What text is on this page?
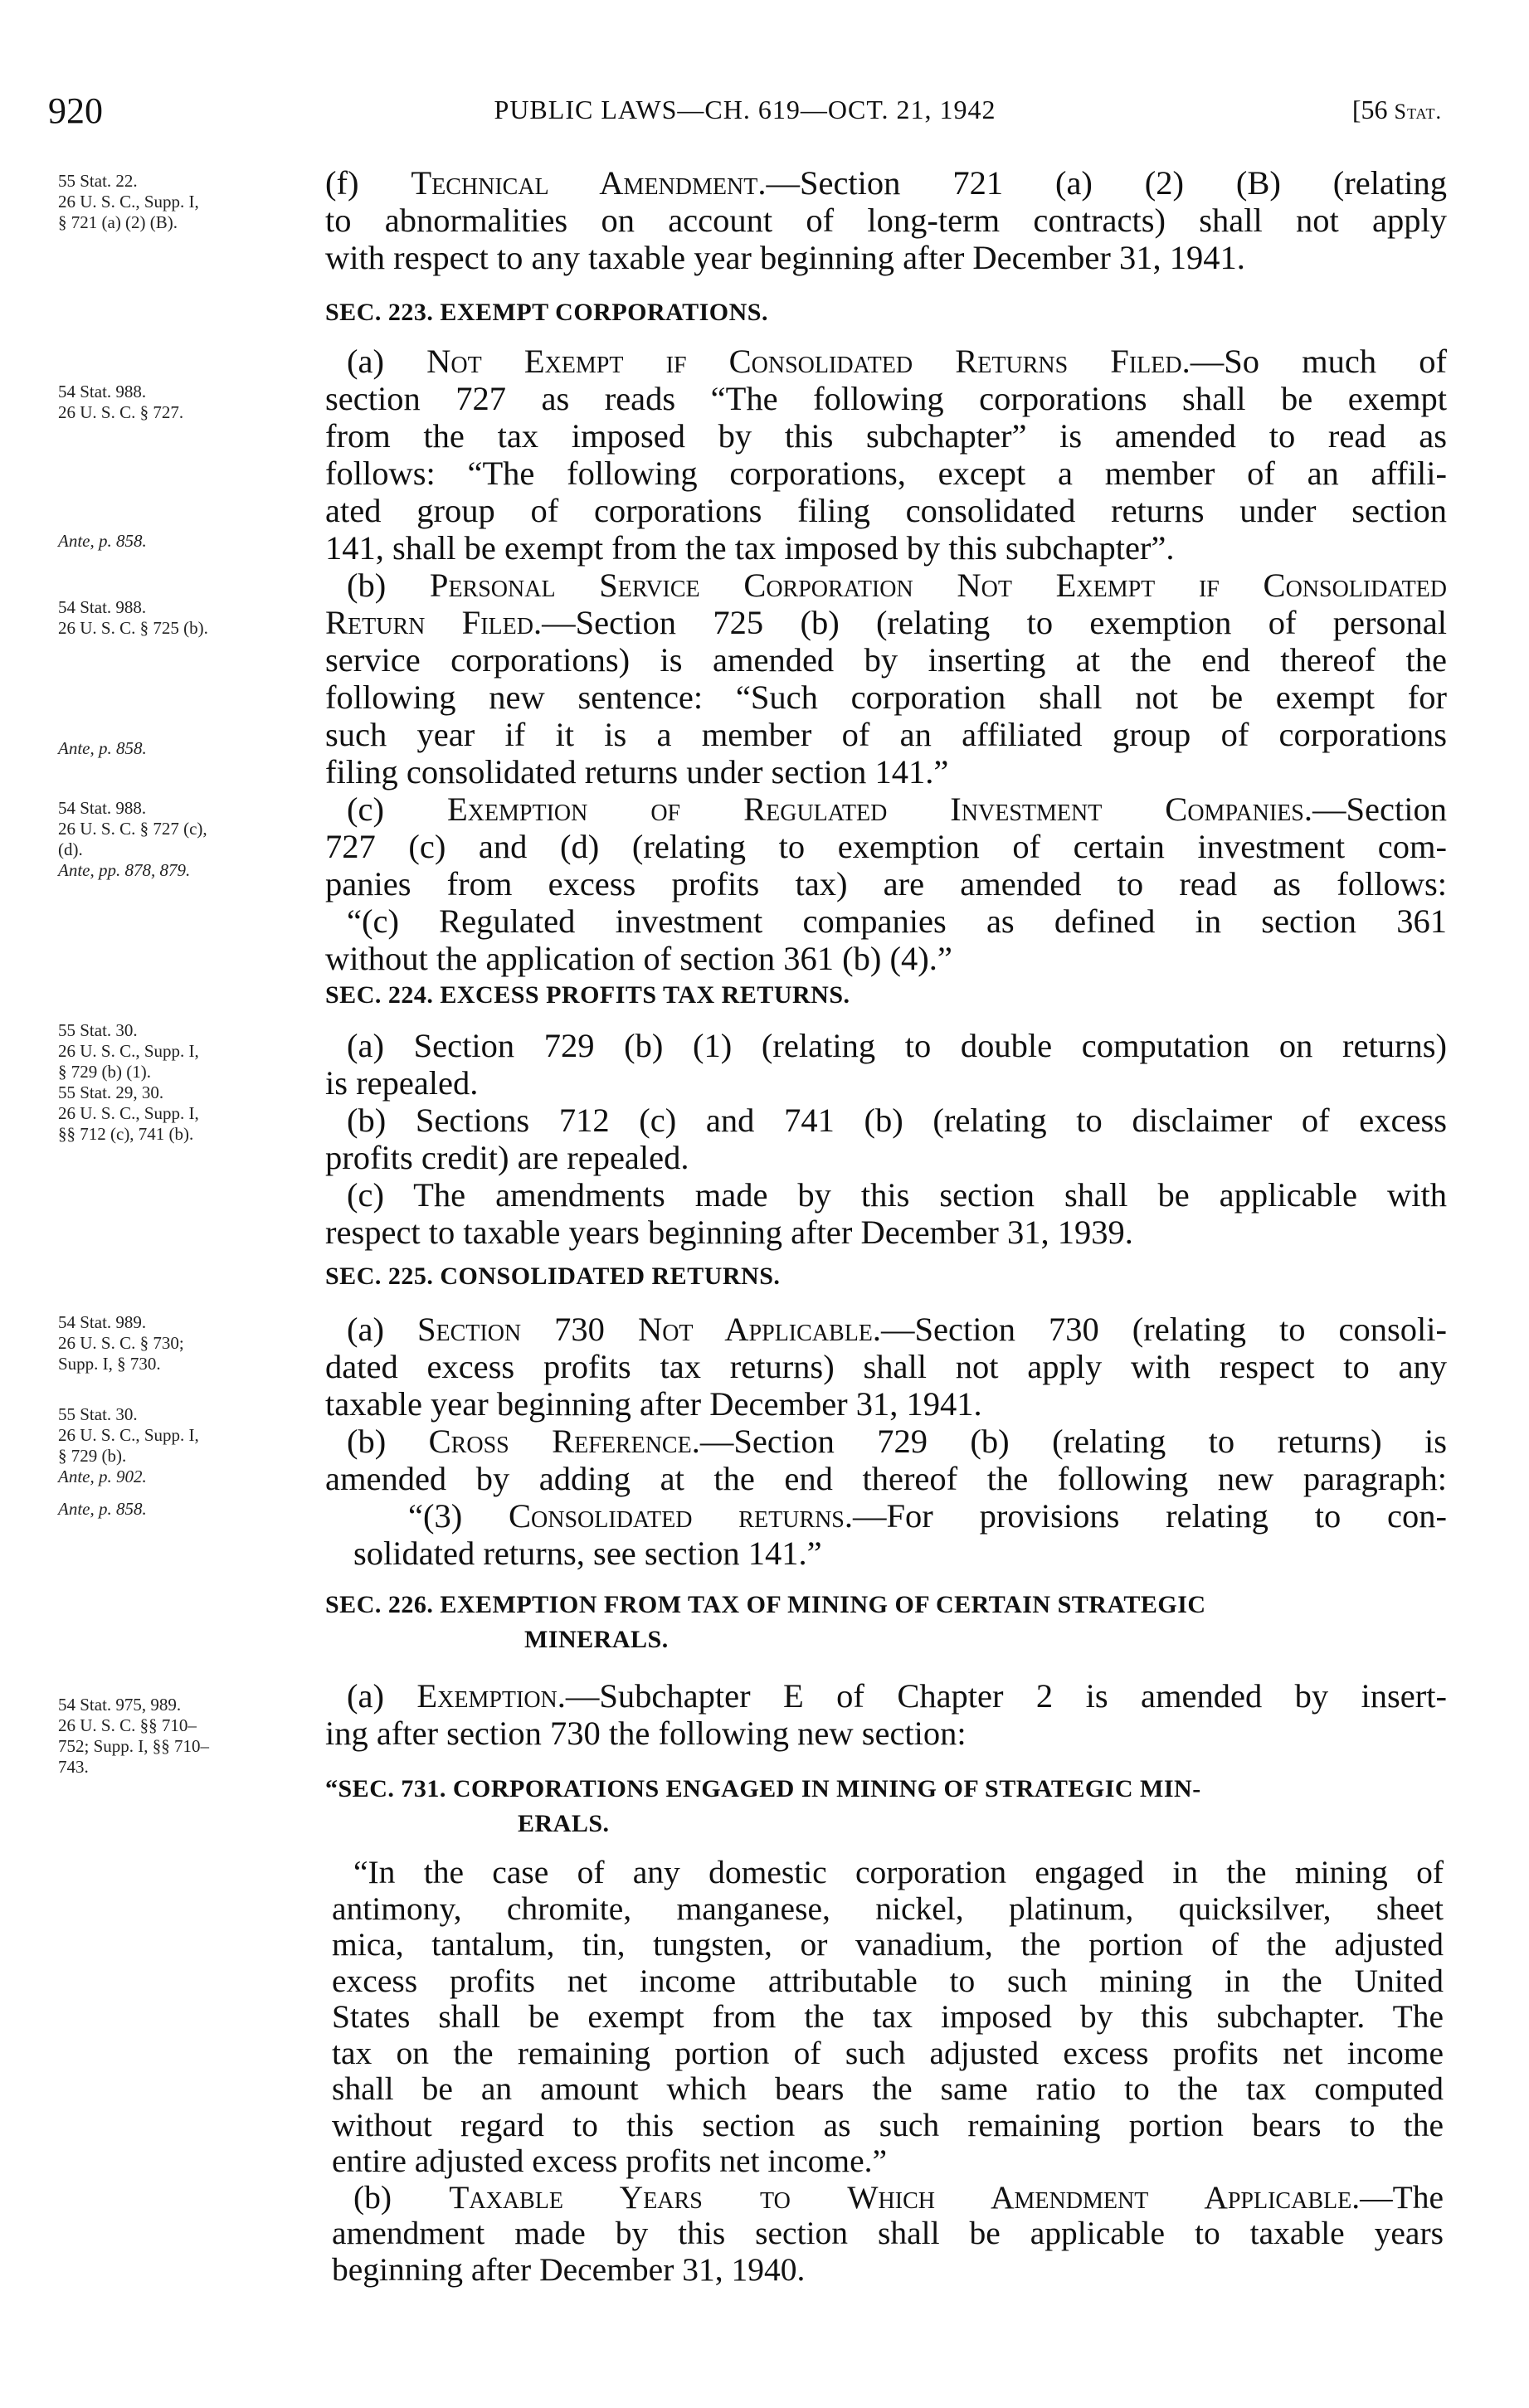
920	PUBLIC LAWS—CH. 619—OCT. 21, 1942	[56 Stat.
55 Stat. 22.
26 U. S. C., Supp. I,
§ 721 (a) (2) (B).
54 Stat. 988.
26 U. S. C. § 727.
Ante, p. 858.
54 Stat. 988.
26 U. S. C. § 725 (b).
Ante, p. 858.
54 Stat. 988.
26 U. S. C. § 727 (c),
(d).
Ante, pp. 878, 879.
55 Stat. 30.
26 U. S. C., Supp. I,
§ 729 (b) (1).
55 Stat. 29, 30.
26 U. S. C., Supp. I,
§§ 712 (c), 741 (b).
54 Stat. 989.
26 U. S. C. § 730;
Supp. I, § 730.
55 Stat. 30.
26 U. S. C., Supp. I,
§ 729 (b).
Ante, p. 902.
Ante, p. 858.
54 Stat. 975, 989.
26 U. S. C. §§ 710–
752; Supp. I, §§ 710–
743.
(f) Technical Amendment.—Section 721 (a) (2) (B) (relating
to abnormalities on account of long-term contracts) shall not apply
with respect to any taxable year beginning after December 31, 1941.
SEC. 223. EXEMPT CORPORATIONS.
(a) Not Exempt if Consolidated Returns Filed.—So much of
section 727 as reads “The following corporations shall be exempt
from the tax imposed by this subchapter” is amended to read as
follows: “The following corporations, except a member of an affili-
ated group of corporations filing consolidated returns under section
141, shall be exempt from the tax imposed by this subchapter”.
(b) Personal Service Corporation Not Exempt if Consolidated
Return Filed.—Section 725 (b) (relating to exemption of personal
service corporations) is amended by inserting at the end thereof the
following new sentence: “Such corporation shall not be exempt for
such year if it is a member of an affiliated group of corporations
filing consolidated returns under section 141.”
(c) Exemption of Regulated Investment Companies.—Section
727 (c) and (d) (relating to exemption of certain investment com-
panies from excess profits tax) are amended to read as follows:
“(c) Regulated investment companies as defined in section 361
without the application of section 361 (b) (4).”
SEC. 224. EXCESS PROFITS TAX RETURNS.
(a) Section 729 (b) (1) (relating to double computation on returns)
is repealed.
(b) Sections 712 (c) and 741 (b) (relating to disclaimer of excess
profits credit) are repealed.
(c) The amendments made by this section shall be applicable with
respect to taxable years beginning after December 31, 1939.
SEC. 225. CONSOLIDATED RETURNS.
(a) Section 730 Not Applicable.—Section 730 (relating to consoli-
dated excess profits tax returns) shall not apply with respect to any
taxable year beginning after December 31, 1941.
(b) Cross Reference.—Section 729 (b) (relating to returns) is
amended by adding at the end thereof the following new paragraph:
“(3) Consolidated returns.—For provisions relating to con-
solidated returns, see section 141.”
SEC. 226. EXEMPTION FROM TAX OF MINING OF CERTAIN STRATEGIC
MINERALS.
(a) Exemption.—Subchapter E of Chapter 2 is amended by insert-
ing after section 730 the following new section:
“SEC. 731. CORPORATIONS ENGAGED IN MINING OF STRATEGIC MIN-
ERALS.
“In the case of any domestic corporation engaged in the mining of
antimony, chromite, manganese, nickel, platinum, quicksilver, sheet
mica, tantalum, tin, tungsten, or vanadium, the portion of the adjusted
excess profits net income attributable to such mining in the United
States shall be exempt from the tax imposed by this subchapter. The
tax on the remaining portion of such adjusted excess profits net income
shall be an amount which bears the same ratio to the tax computed
without regard to this section as such remaining portion bears to the
entire adjusted excess profits net income.”
(b) Taxable Years to Which Amendment Applicable.—The
amendment made by this section shall be applicable to taxable years
beginning after December 31, 1940.
